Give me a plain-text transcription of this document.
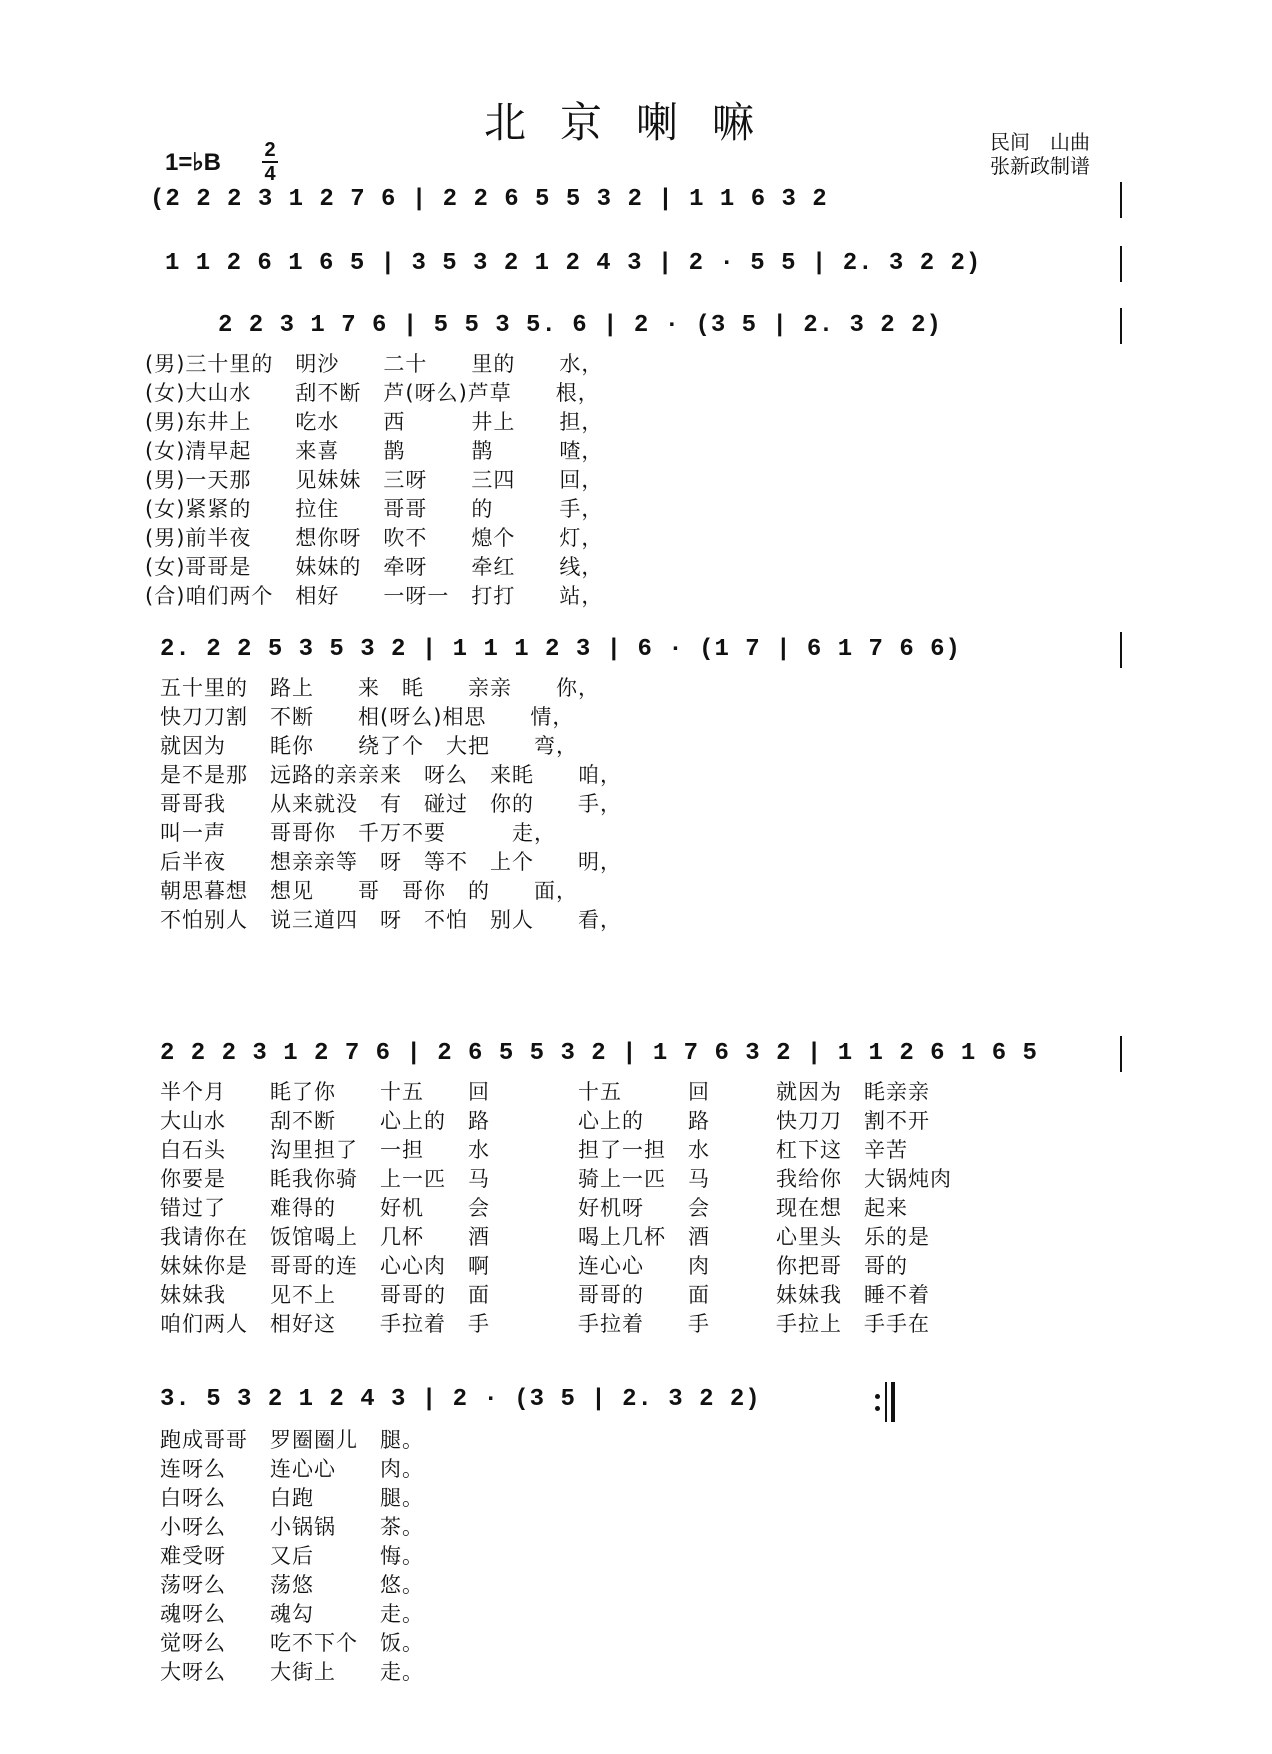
北京喇嘛
1=♭B 2
4
民间　山曲
张新政制谱
(2 2 2 3 1 2 7 6 | 2 2 6 5 5 3 2 | 1 1 6 3 2
1 1 2 6 1 6 5 | 3 5 3 2 1 2 4 3 | 2 · 5 5 | 2. 3 2 2)
2 2 3 1 7 6 | 5 5 3 5. 6 | 2 · (3 5 | 2. 3 2 2)
(男)三十里的　明沙　　二十　　里的　　水，
(女)大山水　　刮不断　芦(呀么)芦草　　根，
(男)东井上　　吃水　　西　　　井上　　担，
(女)清早起　　来喜　　鹊　　　鹊　　　喳，
(男)一天那　　见妹妹　三呀　　三四　　回，
(女)紧紧的　　拉住　　哥哥　　的　　　手，
(男)前半夜　　想你呀　吹不　　熄个　　灯，
(女)哥哥是　　妹妹的　牵呀　　牵红　　线，
(合)咱们两个　相好　　一呀一　打打　　站，
2. 2 2 5 3 5 3 2 | 1 1 1 2 3 | 6 · (1 7 | 6 1 7 6 6)
五十里的　路上　　来　眊　　亲亲　　你，
快刀刀割　不断　　相(呀么)相思　　情，
就因为　　眊你　　绕了个　大把　　弯，
是不是那　远路的亲亲来　呀么　来眊　　咱，
哥哥我　　从来就没　有　碰过　你的　　手，
叫一声　　哥哥你　千万不要　　　走，
后半夜　　想亲亲等　呀　等不　上个　　明，
朝思暮想　想见　　哥　哥你　的　　面，
不怕别人　说三道四　呀　不怕　别人　　看，
2 2 2 3 1 2 7 6 | 2 6 5 5 3 2 | 1 7 6 3 2 | 1 1 2 6 1 6 5
半个月　　眊了你　　十五　　回　　　　十五　　　回　　　就因为　眊亲亲
大山水　　刮不断　　心上的　路　　　　心上的　　路　　　快刀刀　割不开
白石头　　沟里担了　一担　　水　　　　担了一担　水　　　杠下这　辛苦
你要是　　眊我你骑　上一匹　马　　　　骑上一匹　马　　　我给你　大锅炖肉
错过了　　难得的　　好机　　会　　　　好机呀　　会　　　现在想　起来
我请你在　饭馆喝上　几杯　　酒　　　　喝上几杯　酒　　　心里头　乐的是
妹妹你是　哥哥的连　心心肉　啊　　　　连心心　　肉　　　你把哥　哥的
妹妹我　　见不上　　哥哥的　面　　　　哥哥的　　面　　　妹妹我　睡不着
咱们两人　相好这　　手拉着　手　　　　手拉着　　手　　　手拉上　手手在
3. 5 3 2 1 2 4 3 | 2 · (3 5 | 2. 3 2 2)
跑成哥哥　罗圈圈儿　腿。
连呀么　　连心心　　肉。
白呀么　　白跑　　　腿。
小呀么　　小锅锅　　茶。
难受呀　　又后　　　悔。
荡呀么　　荡悠　　　悠。
魂呀么　　魂勾　　　走。
觉呀么　　吃不下个　饭。
大呀么　　大街上　　走。
